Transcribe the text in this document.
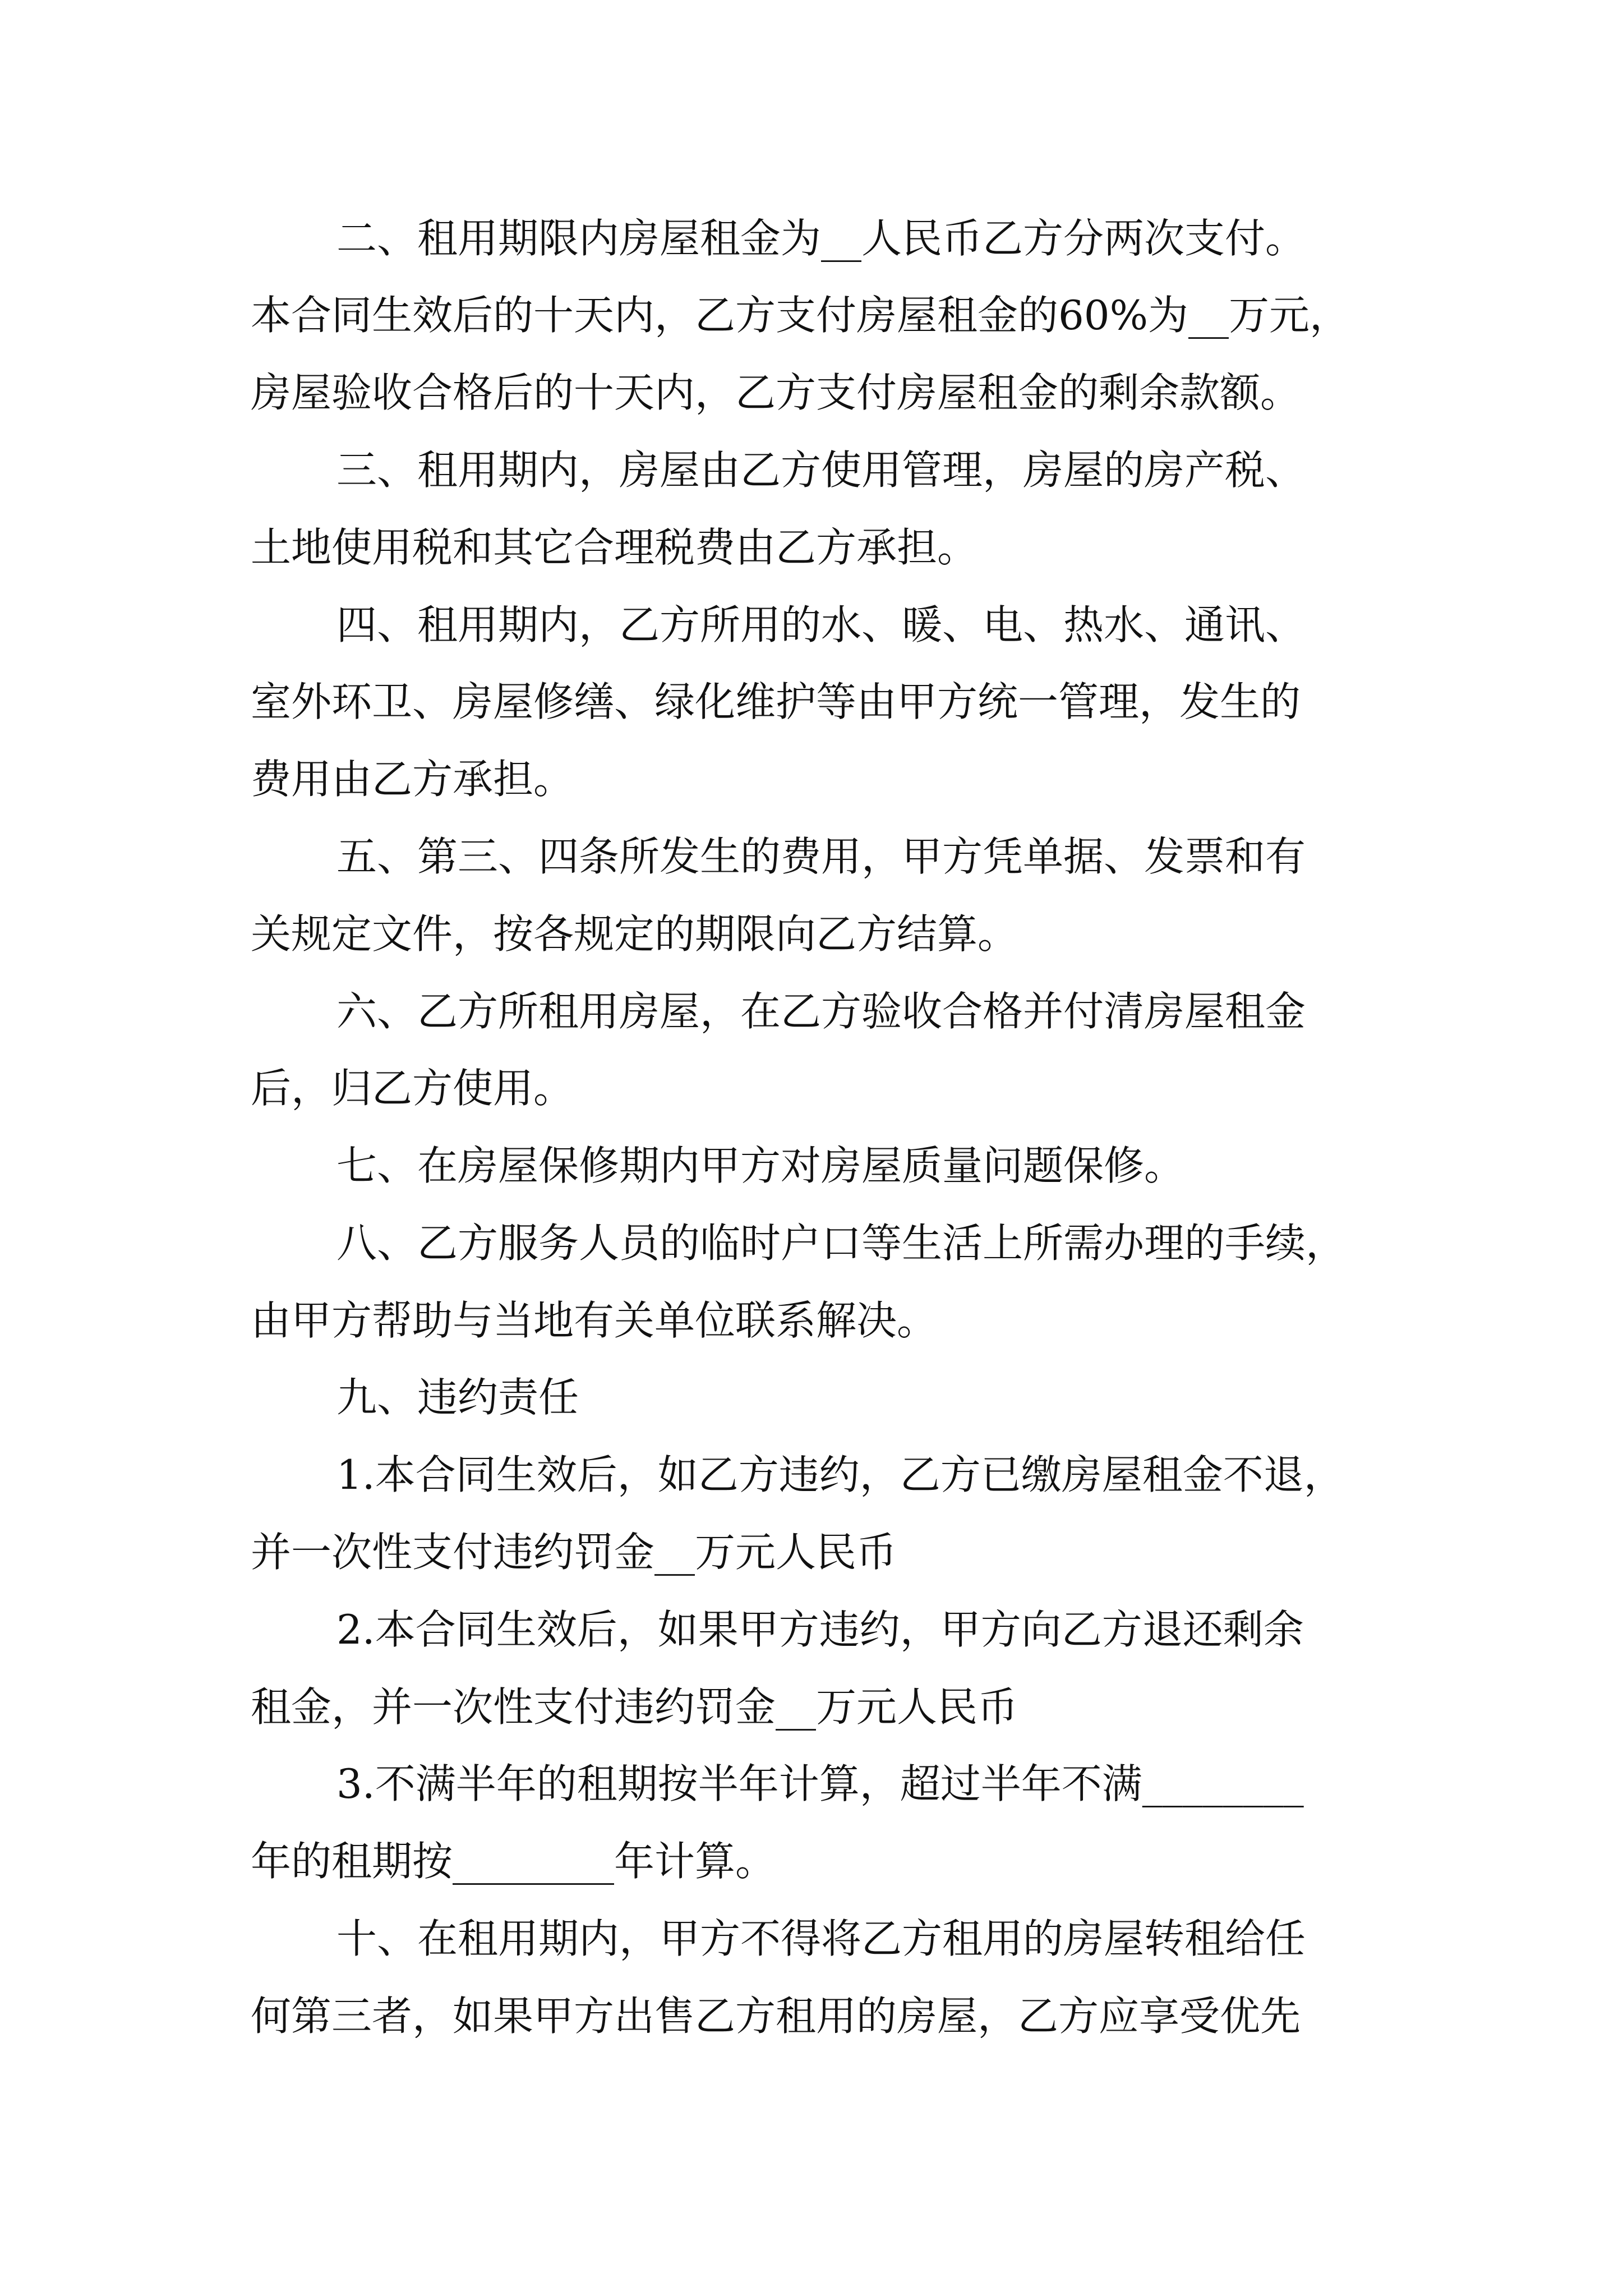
二、租用期限内房屋租金为__人民币乙方分两次支付。
本合同生效后的十天内，乙方支付房屋租金的60%为__万元，
房屋验收合格后的十天内，乙方支付房屋租金的剩余款额。
三、租用期内，房屋由乙方使用管理，房屋的房产税、
土地使用税和其它合理税费由乙方承担。
四、租用期内，乙方所用的水、暖、电、热水、通讯、
室外环卫、房屋修缮、绿化维护等由甲方统一管理，发生的
费用由乙方承担。
五、第三、四条所发生的费用，甲方凭单据、发票和有
关规定文件，按各规定的期限向乙方结算。
六、乙方所租用房屋，在乙方验收合格并付清房屋租金
后，归乙方使用。
七、在房屋保修期内甲方对房屋质量问题保修。
八、乙方服务人员的临时户口等生活上所需办理的手续，
由甲方帮助与当地有关单位联系解决。
九、违约责任
1.本合同生效后，如乙方违约，乙方已缴房屋租金不退，
并一次性支付违约罚金__万元人民币
2.本合同生效后，如果甲方违约，甲方向乙方退还剩余
租金，并一次性支付违约罚金__万元人民币
3.不满半年的租期按半年计算，超过半年不满________
年的租期按________年计算。
十、在租用期内，甲方不得将乙方租用的房屋转租给任
何第三者，如果甲方出售乙方租用的房屋，乙方应享受优先
